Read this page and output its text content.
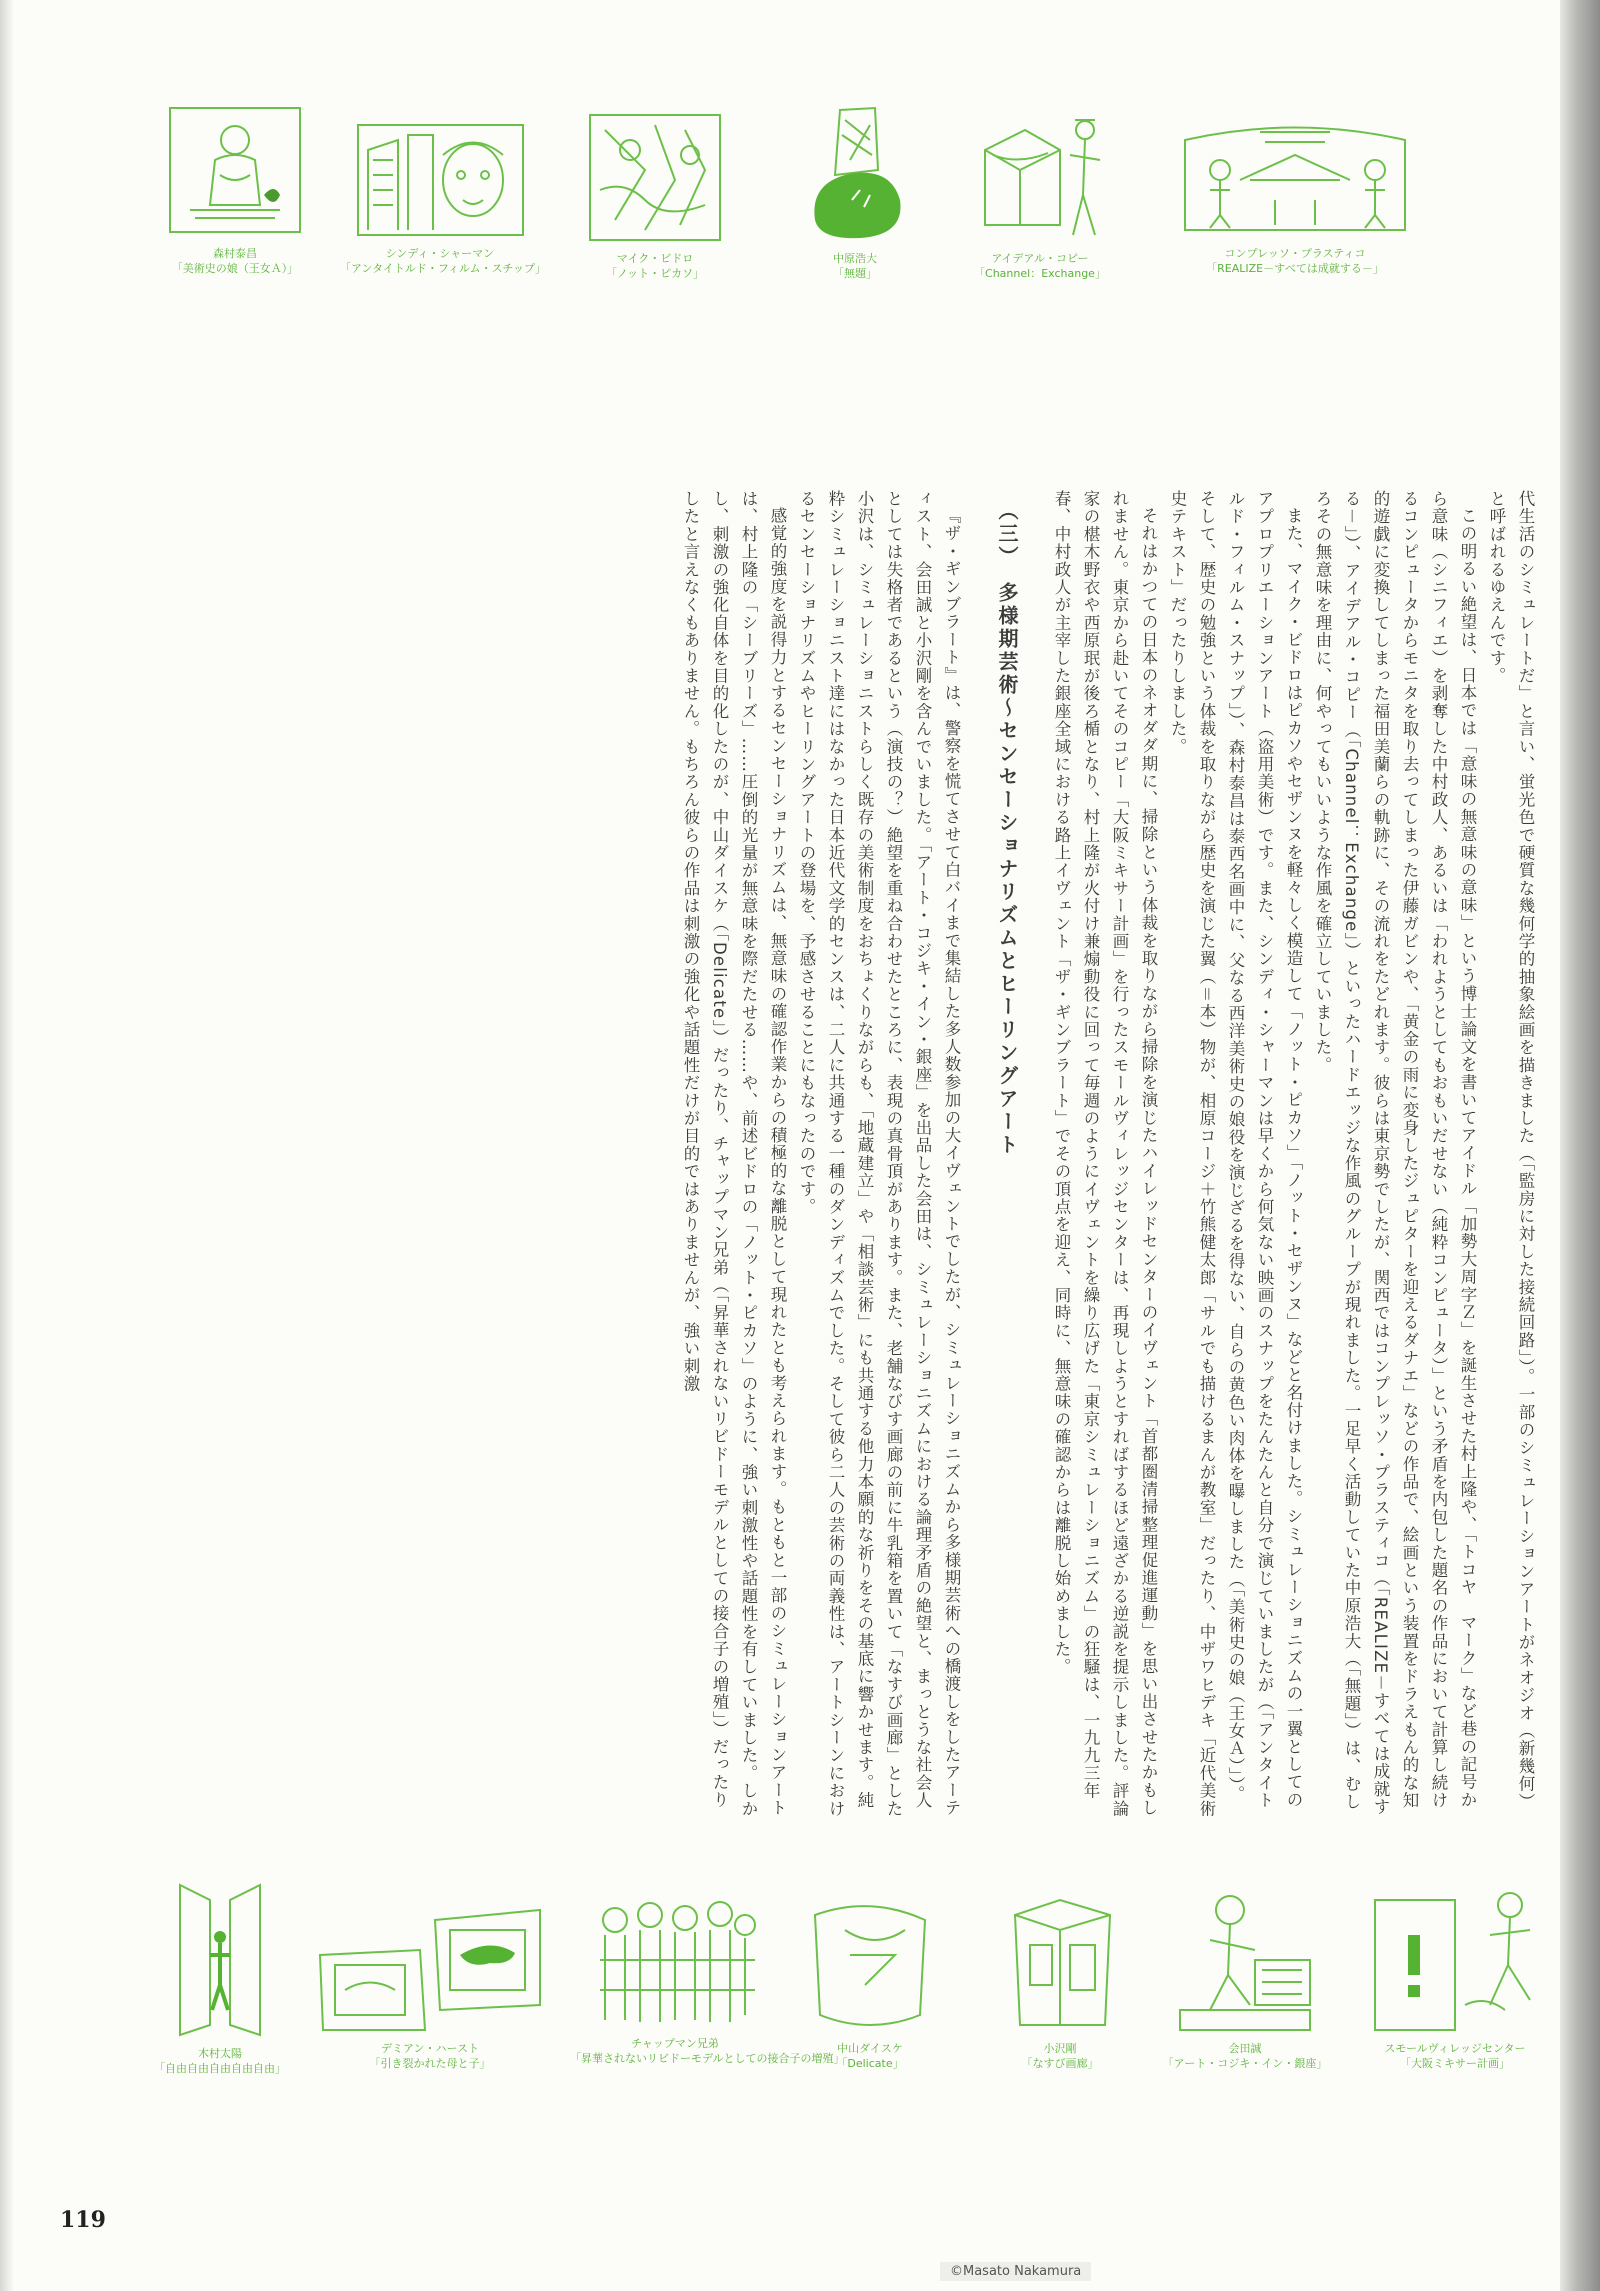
森村泰昌
「美術史の娘（王女Ａ）」
シンディ・シャーマン
「アンタイトルド・フィルム・スチップ」
マイク・ビドロ
「ノット・ピカソ」
中原浩大
「無題」
アイデアル・コピー
「Channel：Exchange」
コンプレッソ・プラスティコ
「REALIZE－すべては成就する－」

代生活のシミュレートだ」と言い、蛍光色で硬質な幾何学的抽象絵画を描きました（「監房に対した接続回路」）。一部のシミュレーションアートがネオジオ（新幾何）と呼ばれるゆえんです。

この明るい絶望は、日本では「意味の無意味の意味」という博士論文を書いてアイドル「加勢大周字Ｚ」を誕生させた村上隆や、「トコヤ　マーク」など巷の記号から意味（シニフィエ）を剥奪した中村政人、あるいは「われようとしてもおもいだせない（純粋コンピュータ）」という矛盾を内包した題名の作品において計算し続けるコンピュータからモニタを取り去ってしまった伊藤ガビンや、「黄金の雨に変身したジュピターを迎えるダナエ」などの作品で、絵画という装置をドラえもん的な知的遊戯に変換してしまった福田美蘭らの軌跡に、その流れをたどれます。彼らは東京勢でしたが、関西ではコンプレッソ・プラスティコ（「REALIZE－すべては成就する－」）、アイデアル・コピー（「Channel：Exchange」）といったハードエッジな作風のグループが現れました。一足早く活動していた中原浩大（「無題」）は、むしろその無意味を理由に、何やってもいいような作風を確立していました。

また、マイク・ビドロはピカソやセザンヌを軽々しく模造して「ノット・ピカソ」「ノット・セザンヌ」などと名付けました。シミュレーショニズムの一翼としてのアプロプリエーションアート（盗用美術）です。また、シンディ・シャーマンは早くから何気ない映画のスナップをたんたんと自分で演じていましたが（「アンタイトルド・フィルム・スナップ」）、森村泰昌は泰西名画中に、父なる西洋美術史の娘役を演じざるを得ない、自らの黄色い肉体を曝しました（「美術史の娘（王女Ａ）」）。そして、歴史の勉強という体裁を取りながら歴史を演じた翼（＝本）物が、相原コージ＋竹熊健太郎「サルでも描けるまんが教室」だったり、中ザワヒデキ「近代美術史テキスト」だったりしました。

それはかつての日本のネオダダ期に、掃除という体裁を取りながら掃除を演じたハイレッドセンターのイヴェント「首都圏清掃整理促進運動」を思い出させたかもしれません。東京から赴いてそのコピー「大阪ミキサー計画」を行ったスモールヴィレッジセンターは、再現しようとすればするほど遠ざかる逆説を提示しました。評論家の椹木野衣や西原珉が後ろ楯となり、村上隆が火付け兼煽動役に回って毎週のようにイヴェントを繰り広げた「東京シミュレーショニズム」の狂騒は、一九九三年春、中村政人が主宰した銀座全域における路上イヴェント「ザ・ギンブラート」でその頂点を迎え、同時に、無意味の確認からは離脱し始めました。

（三）　多様期芸術～センセーショナリズムとヒーリングアート

『ザ・ギンブラート』は、警察を慌てさせて白バイまで集結した多人数参加の大イヴェントでしたが、シミュレーショニズムから多様期芸術への橋渡しをしたアーティスト、会田誠と小沢剛を含んでいました。「アート・コジキ・イン・銀座」を出品した会田は、シミュレーショニズムにおける論理矛盾の絶望と、まっとうな社会人としては失格者であるという（演技の？）絶望を重ね合わせたところに、表現の真骨頂があります。また、老舗なびす画廊の前に牛乳箱を置いて「なすび画廊」とした小沢は、シミュレーショニストらしく既存の美術制度をおちょくりながらも、「地蔵建立」や「相談芸術」にも共通する他力本願的な祈りをその基底に響かせます。純粋シミュレーショニスト達にはなかった日本近代文学的センスは、二人に共通する一種のダンディズムでした。そして彼ら二人の芸術の両義性は、アートシーンにおけるセンセーショナリズムやヒーリングアートの登場を、予感させることにもなったのです。

感覚的強度を説得力とするセンセーショナリズムは、無意味の確認作業からの積極的な離脱として現れたとも考えられます。もともと一部のシミュレーションアートは、村上隆の「シーブリーズ」……圧倒的光量が無意味を際だたせる……や、前述ビドロの「ノット・ピカソ」のように、強い刺激性や話題性を有していました。しかし、刺激の強化自体を目的化したのが、中山ダイスケ（「Delicate」）だったり、チャップマン兄弟（「昇華されないリビドーモデルとしての接合子の増殖」）だったりしたと言えなくもありません。もちろん彼らの作品は刺激の強化や話題性だけが目的ではありませんが、強い刺激

木村太陽
「自由自由自由自由自由」
デミアン・ハースト
「引き裂かれた母と子」
チャップマン兄弟
「昇華されないリビドーモデルとしての接合子の増殖」
中山ダイスケ
「Delicate」
小沢剛
「なすび画廊」
会田誠
「アート・コジキ・イン・銀座」
スモールヴィレッジセンター
「大阪ミキサー計画」
119
©Masato Nakamura
